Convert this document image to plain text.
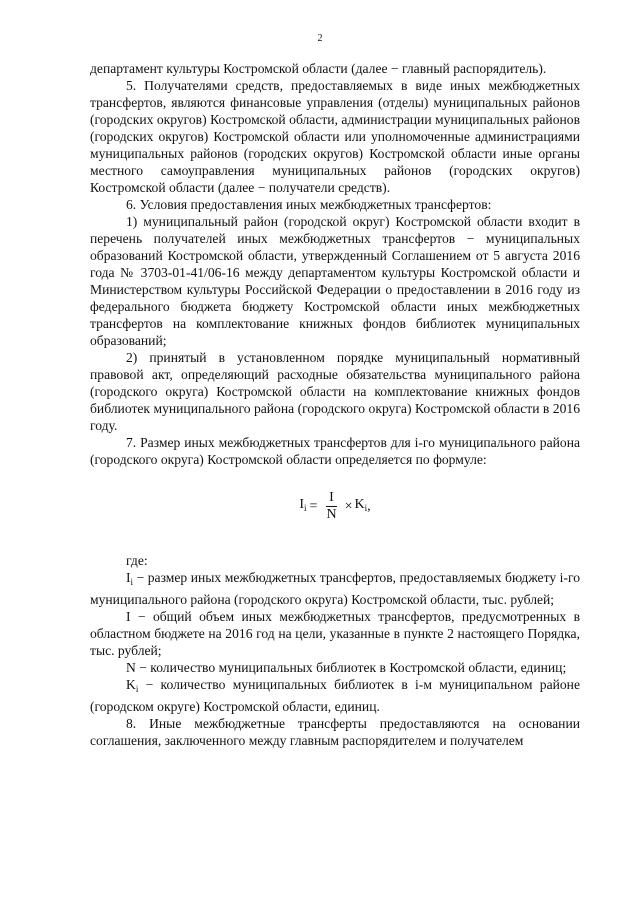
2

департамент культуры Костромской области (далее − главный распорядитель).

5. Получателями средств, предоставляемых в виде иных межбюджетных трансфертов, являются финансовые управления (отделы) муниципальных районов (городских округов) Костромской области, администрации муниципальных районов (городских округов) Костромской области или уполномоченные администрациями муниципальных районов (городских округов) Костромской области иные органы местного самоуправления муниципальных районов (городских округов) Костромской области (далее − получатели средств).

6. Условия предоставления иных межбюджетных трансфертов:

1) муниципальный район (городской округ) Костромской области входит в перечень получателей иных межбюджетных трансфертов − муниципальных образований Костромской области, утвержденный Соглашением от 5 августа 2016 года № 3703-01-41/06-16 между департаментом культуры Костромской области и Министерством культуры Российской Федерации о предоставлении в 2016 году из федерального бюджета бюджету Костромской области иных межбюджетных трансфертов на комплектование книжных фондов библиотек муниципальных образований;

2) принятый в установленном порядке муниципальный нормативный правовой акт, определяющий расходные обязательства муниципального района (городского округа) Костромской области на комплектование книжных фондов библиотек муниципального района (городского округа) Костромской области в 2016 году.

7. Размер иных межбюджетных трансфертов для i-го муниципального района (городского округа) Костромской области определяется по формуле:

$I_i = \frac{I}{N} \times K_i$ ,

где:

$I_i$ − размер иных межбюджетных трансфертов, предоставляемых бюджету i-го муниципального района (городского округа) Костромской области, тыс. рублей;

I − общий объем иных межбюджетных трансфертов, предусмотренных в областном бюджете на 2016 год на цели, указанные в пункте 2 настоящего Порядка, тыс. рублей;

N − количество муниципальных библиотек в Костромской области, единиц;

$K_i$ − количество муниципальных библиотек в i-м муниципальном районе (городском округе) Костромской области, единиц.

8. Иные межбюджетные трансферты предоставляются на основании соглашения, заключенного между главным распорядителем и получателем
